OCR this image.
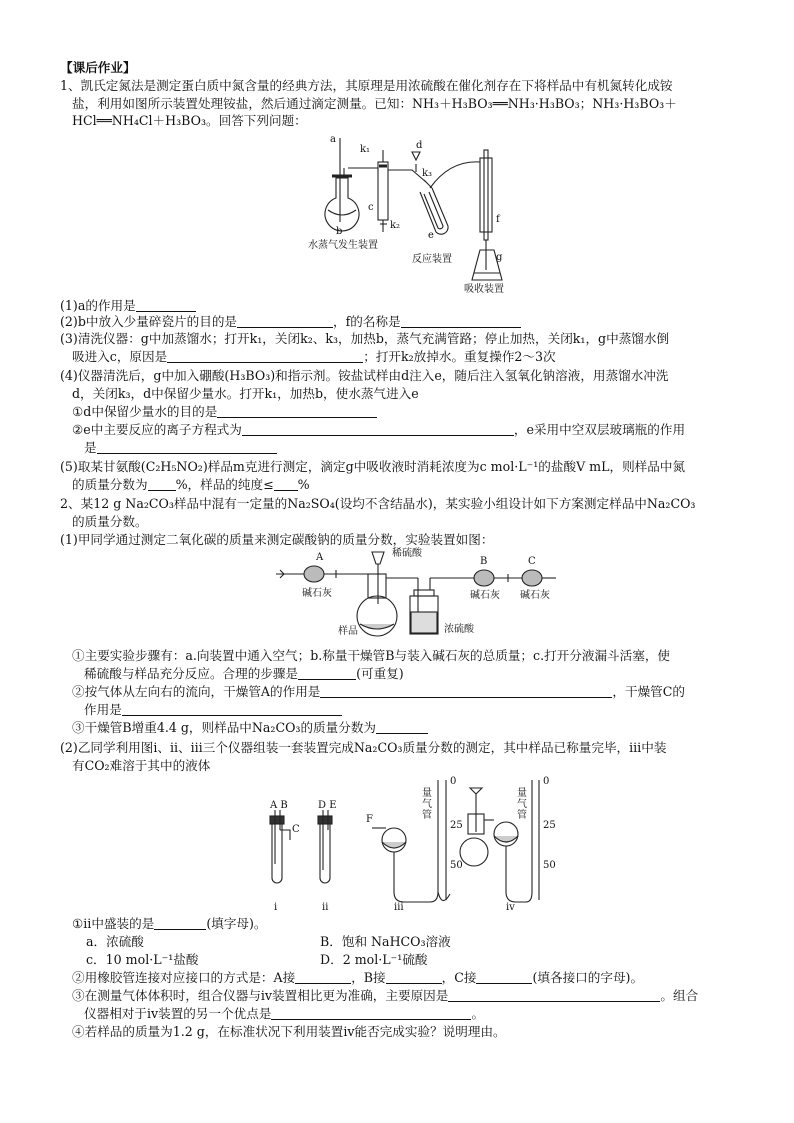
【课后作业】
1、凯氏定氮法是测定蛋白质中氮含量的经典方法，其原理是用浓硫酸在催化剂存在下将样品中有机氮转化成铵
盐，利用如图所示装置处理铵盐，然后通过滴定测量。已知：NH₃＋H₃BO₃══NH₃·H₃BO₃；NH₃·H₃BO₃＋
HCl══NH₄Cl＋H₃BO₃。回答下列问题：
a
b
c
d
e
f
g
k₁
k₂
k₃
水蒸气发生装置
反应装置
吸收装置
(1)a的作用是
(2)b中放入少量碎瓷片的目的是	，f的名称是
(3)清洗仪器：g中加蒸馏水；打开k₁，关闭k₂、k₃，加热b，蒸气充满管路；停止加热，关闭k₁，g中蒸馏水倒
吸进入c，原因是	；打开k₂放掉水。重复操作2～3次
(4)仪器清洗后，g中加入硼酸(H₃BO₃)和指示剂。铵盐试样由d注入e，随后注入氢氧化钠溶液，用蒸馏水冲洗
d，关闭k₃，d中保留少量水。打开k₁，加热b，使水蒸气进入e
①d中保留少量水的目的是
②e中主要反应的离子方程式为	，e采用中空双层玻璃瓶的作用
是
(5)取某甘氨酸(C₂H₅NO₂)样品m克进行测定，滴定g中吸收液时消耗浓度为c mol·L⁻¹的盐酸V mL，则样品中氮
的质量分数为 %，样品的纯度≤ %
2、某12 g Na₂CO₃样品中混有一定量的Na₂SO₄(设均不含结晶水)，某实验小组设计如下方案测定样品中Na₂CO₃
的质量分数。
(1)甲同学通过测定二氧化碳的质量来测定碳酸钠的质量分数，实验装置如图：
A	B	C
稀硫酸
碱石灰	碱石灰 碱石灰
样品	浓硫酸
①主要实验步骤有：a.向装置中通入空气；b.称量干燥管B与装入碱石灰的总质量；c.打开分液漏斗活塞，使
稀硫酸与样品充分反应。合理的步骤是	(可重复)
②按气体从左向右的流向，干燥管A的作用是	，干燥管C的
作用是
③干燥管B增重4.4 g，则样品中Na₂CO₃的质量分数为
(2)乙同学利用图ⅰ、ⅱ、ⅲ三个仪器组装一套装置完成Na₂CO₃质量分数的测定，其中样品已称量完毕，ⅲ中装
有CO₂难溶于其中的液体
A B
C
D E
F
ⅰ	ⅱ	ⅲ	ⅳ
量气管
量气管
0
25
50
0
25
50
①ⅱ中盛装的是	(填字母)。
a．浓硫酸	B．饱和 NaHCO₃溶液
c．10 mol·L⁻¹盐酸	D．2 mol·L⁻¹硫酸
②用橡胶管连接对应接口的方式是：A接	，B接	，C接	(填各接口的字母)。
③在测量气体体积时，组合仪器与ⅳ装置相比更为准确，主要原因是	。组合
仪器相对于ⅳ装置的另一个优点是	。
④若样品的质量为1.2 g，在标准状况下利用装置ⅳ能否完成实验？说明理由。
